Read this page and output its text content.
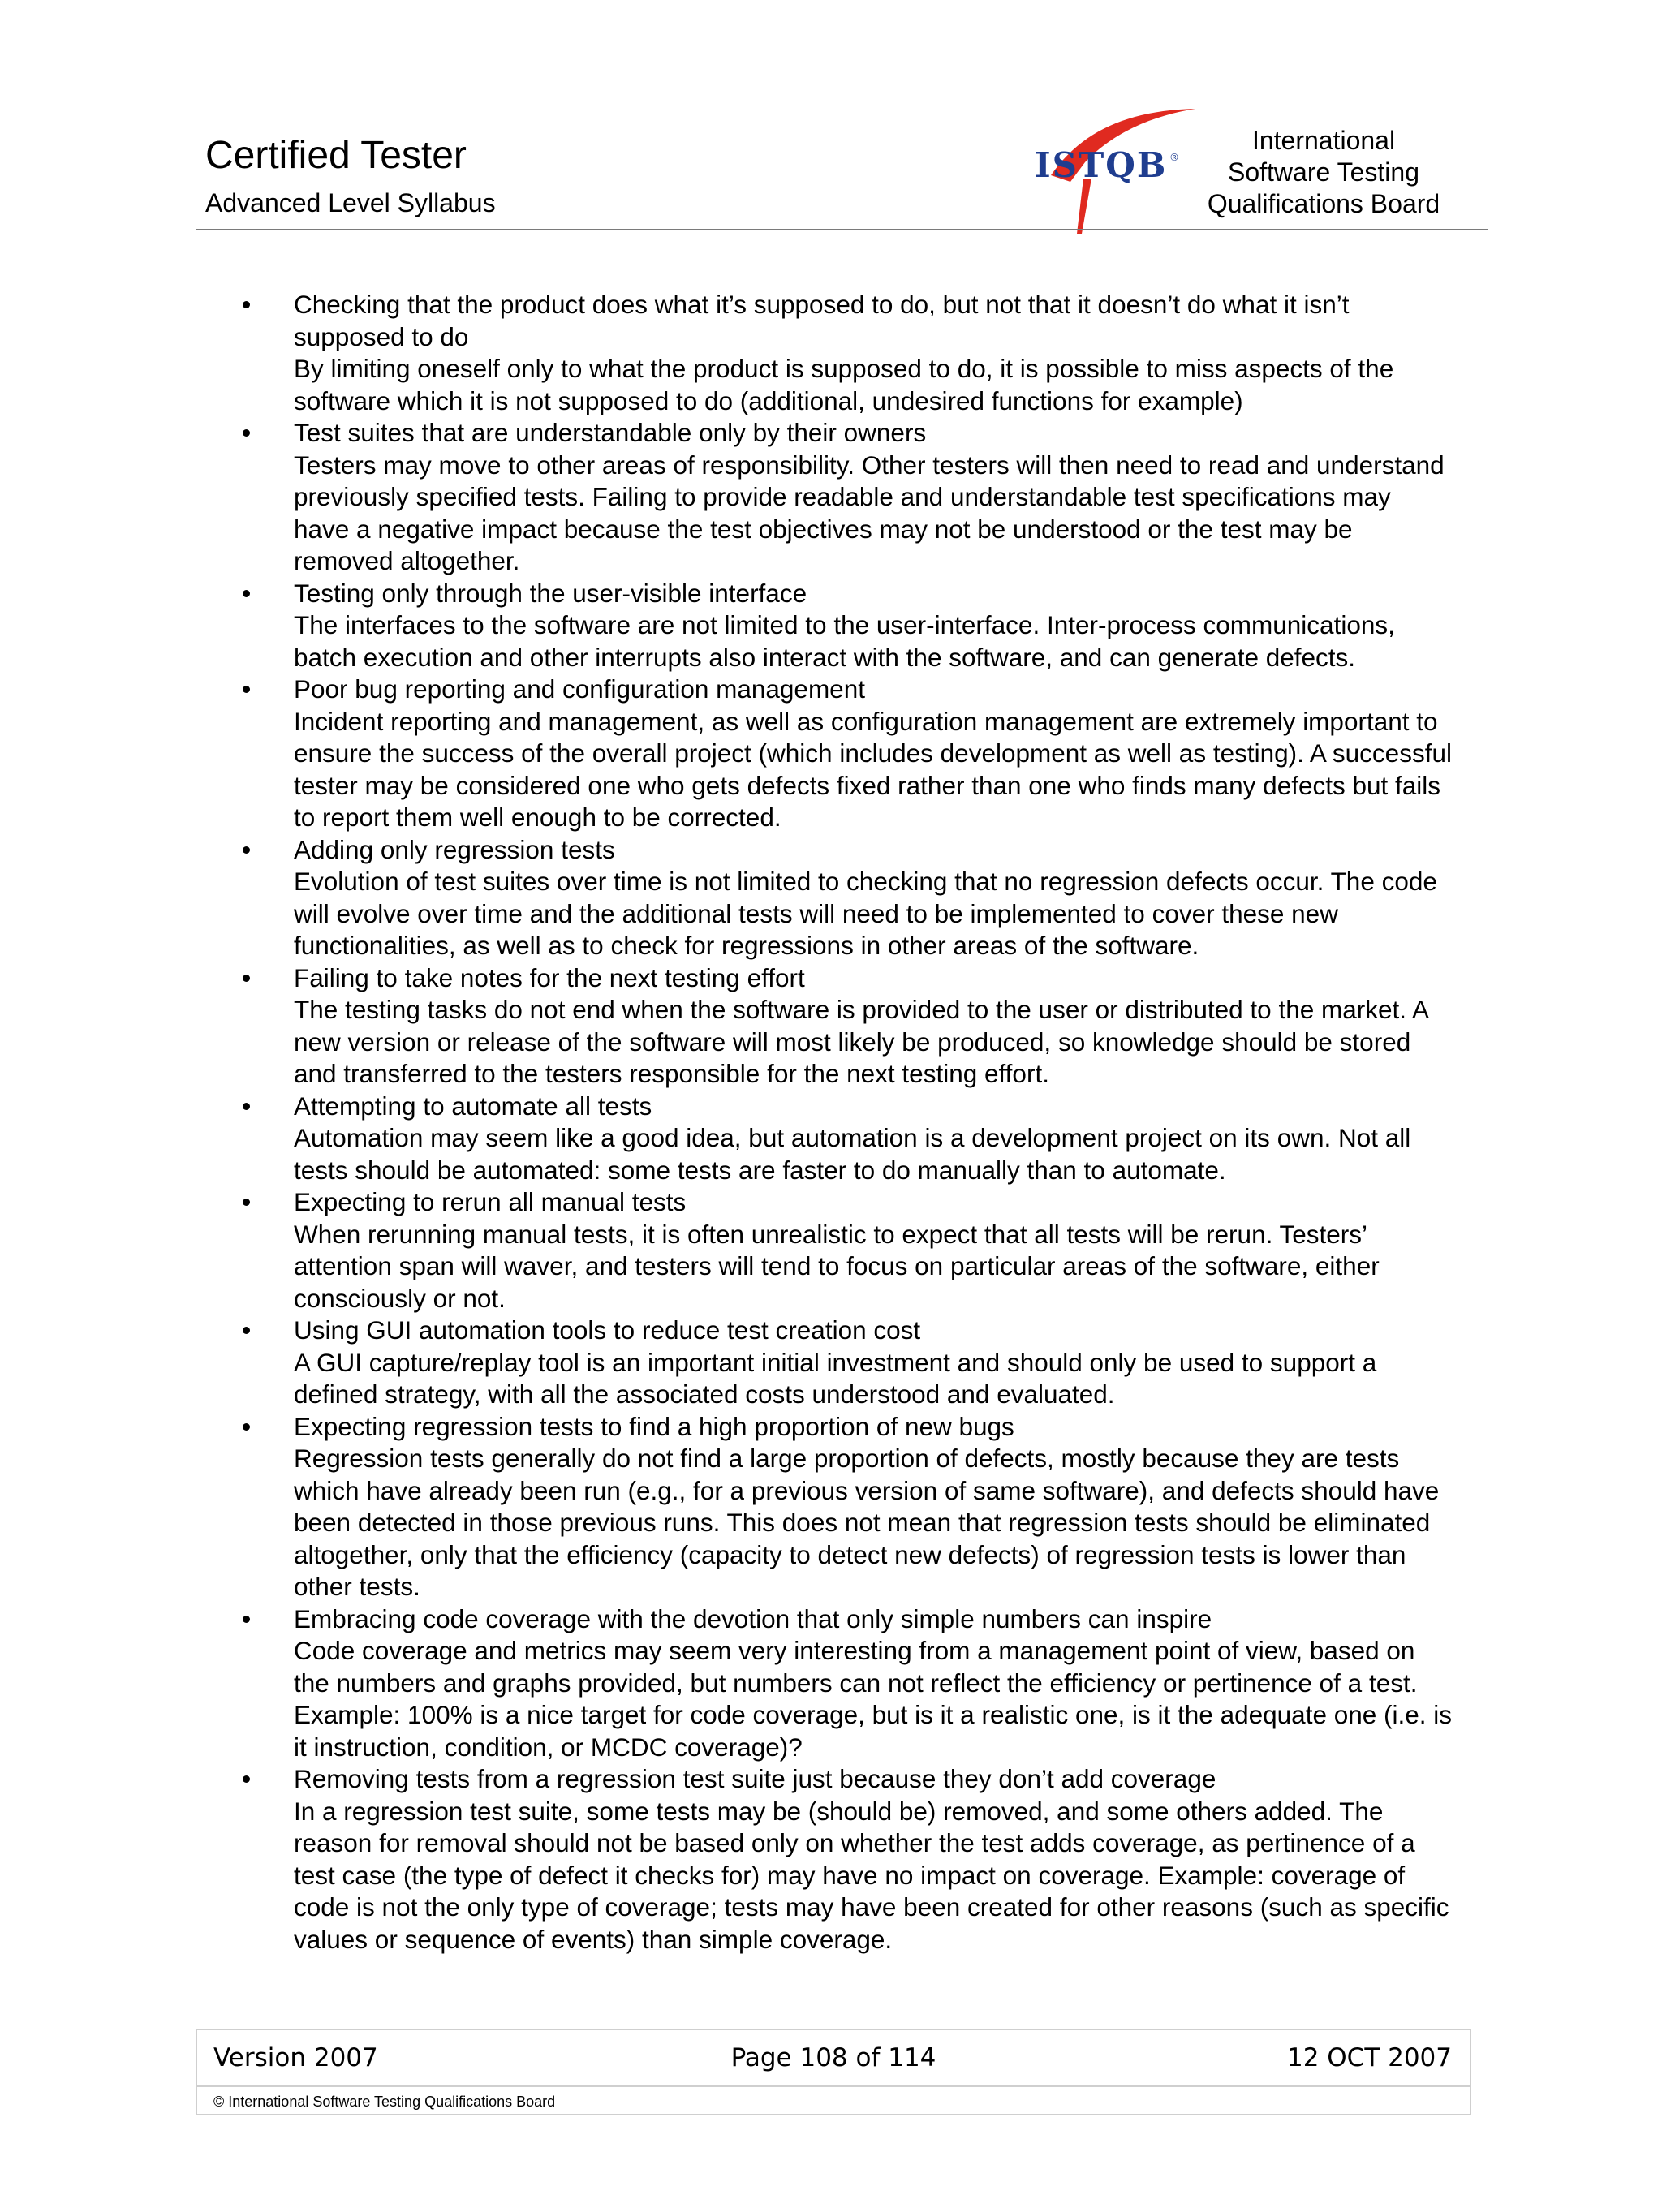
Certified Tester
Advanced Level Syllabus
ISTQB ®
International
Software Testing
Qualifications Board
Checking that the product does what it’s supposed to do, but not that it doesn’t do what it isn’t supposed to do
By limiting oneself only to what the product is supposed to do, it is possible to miss aspects of the software which it is not supposed to do (additional, undesired functions for example)
Test suites that are understandable only by their owners
Testers may move to other areas of responsibility. Other testers will then need to read and understand previously specified tests. Failing to provide readable and understandable test specifications may have a negative impact because the test objectives may not be understood or the test may be removed altogether.
Testing only through the user-visible interface
The interfaces to the software are not limited to the user-interface. Inter-process communications, batch execution and other interrupts also interact with the software, and can generate defects.
Poor bug reporting and configuration management
Incident reporting and management, as well as configuration management are extremely important to ensure the success of the overall project (which includes development as well as testing). A successful tester may be considered one who gets defects fixed rather than one who finds many defects but fails to report them well enough to be corrected.
Adding only regression tests
Evolution of test suites over time is not limited to checking that no regression defects occur. The code will evolve over time and the additional tests will need to be implemented to cover these new functionalities, as well as to check for regressions in other areas of the software.
Failing to take notes for the next testing effort
The testing tasks do not end when the software is provided to the user or distributed to the market. A new version or release of the software will most likely be produced, so knowledge should be stored and transferred to the testers responsible for the next testing effort.
Attempting to automate all tests
Automation may seem like a good idea, but automation is a development project on its own. Not all tests should be automated: some tests are faster to do manually than to automate.
Expecting to rerun all manual tests
When rerunning manual tests, it is often unrealistic to expect that all tests will be rerun. Testers’ attention span will waver, and testers will tend to focus on particular areas of the software, either consciously or not.
Using GUI automation tools to reduce test creation cost
A GUI capture/replay tool is an important initial investment and should only be used to support a defined strategy, with all the associated costs understood and evaluated.
Expecting regression tests to find a high proportion of new bugs
Regression tests generally do not find a large proportion of defects, mostly because they are tests which have already been run (e.g., for a previous version of same software), and defects should have been detected in those previous runs. This does not mean that regression tests should be eliminated altogether, only that the efficiency (capacity to detect new defects) of regression tests is lower than other tests.
Embracing code coverage with the devotion that only simple numbers can inspire
Code coverage and metrics may seem very interesting from a management point of view, based on the numbers and graphs provided, but numbers can not reflect the efficiency or pertinence of a test. Example: 100% is a nice target for code coverage, but is it a realistic one, is it the adequate one (i.e. is it instruction, condition, or MCDC coverage)?
Removing tests from a regression test suite just because they don’t add coverage
In a regression test suite, some tests may be (should be) removed, and some others added. The reason for removal should not be based only on whether the test adds coverage, as pertinence of a test case (the type of defect it checks for) may have no impact on coverage. Example: coverage of code is not the only type of coverage; tests may have been created for other reasons (such as specific values or sequence of events) than simple coverage.
Version 2007	Page 108 of 114	12 OCT 2007
© International Software Testing Qualifications Board
